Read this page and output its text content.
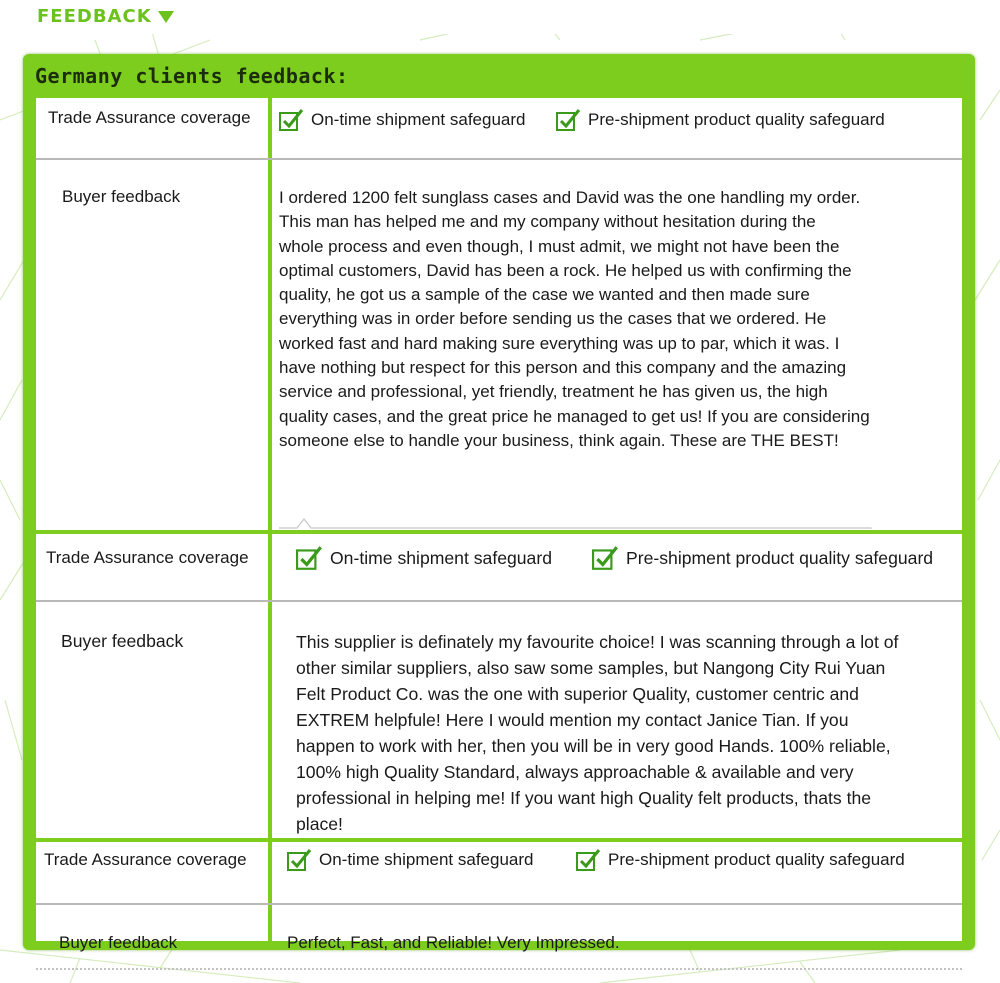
FEEDBACK
Germany clients feedback:
Trade Assurance coverage	On-time shipment safeguard	Pre-shipment product quality safeguard
Buyer feedback	I ordered 1200 felt sunglass cases and David was the one handling my order.
This man has helped me and my company without hesitation during the
whole process and even though, I must admit, we might not have been the
optimal customers, David has been a rock. He helped us with confirming the
quality, he got us a sample of the case we wanted and then made sure
everything was in order before sending us the cases that we ordered. He
worked fast and hard making sure everything was up to par, which it was. I
have nothing but respect for this person and this company and the amazing
service and professional, yet friendly, treatment he has given us, the high
quality cases, and the great price he managed to get us! If you are considering
someone else to handle your business, think again. These are THE BEST!
Trade Assurance coverage	On-time shipment safeguard	Pre-shipment product quality safeguard
Buyer feedback	This supplier is definately my favourite choice! I was scanning through a lot of
other similar suppliers, also saw some samples, but Nangong City Rui Yuan
Felt Product Co. was the one with superior Quality, customer centric and
EXTREM helpfule! Here I would mention my contact Janice Tian. If you
happen to work with her, then you will be in very good Hands. 100% reliable,
100% high Quality Standard, always approachable & available and very
professional in helping me! If you want high Quality felt products, thats the
place!
Trade Assurance coverage	On-time shipment safeguard	Pre-shipment product quality safeguard
Buyer feedback	Perfect, Fast, and Reliable! Very Impressed.
